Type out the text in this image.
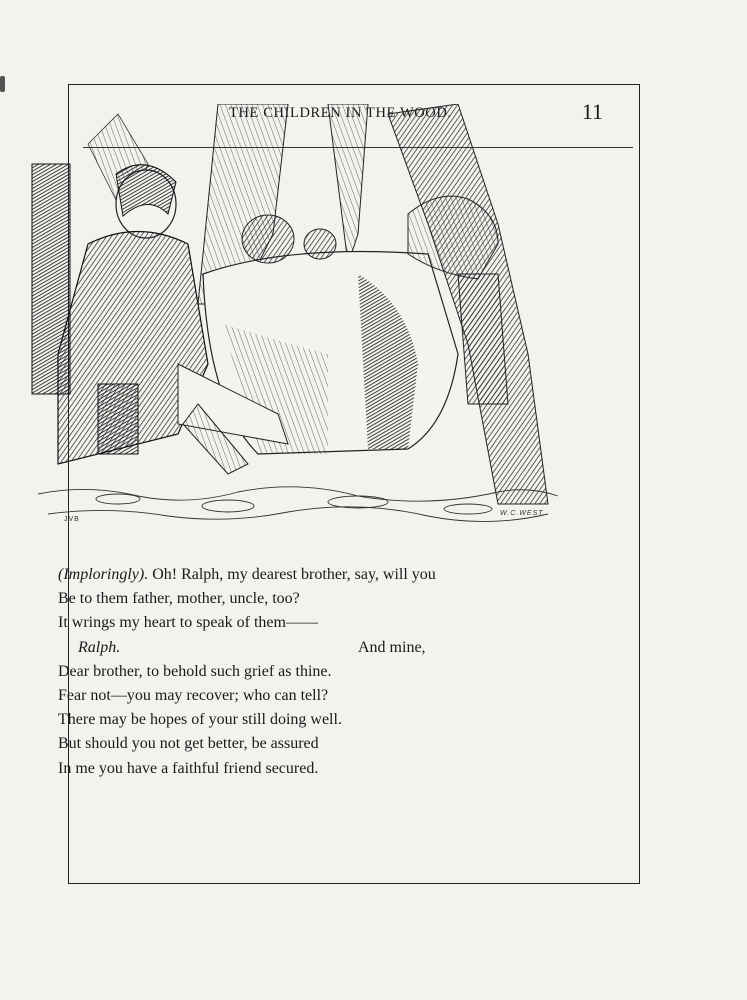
CHILDREN THE	11
JVB
W.C.WEST.
(Imploringly). Oh! Ralph, my dearest brother, say, will you
Be to them father, mother, uncle, too?
It wrings my heart to speak of them——
Ralph.	And mine,
Dear brother, to behold such grief as thine.
Fear not—you may recover; who can tell?
There may be hopes of your still doing well.
But should you not get better, be assured
In me you have a faithful friend secured.
